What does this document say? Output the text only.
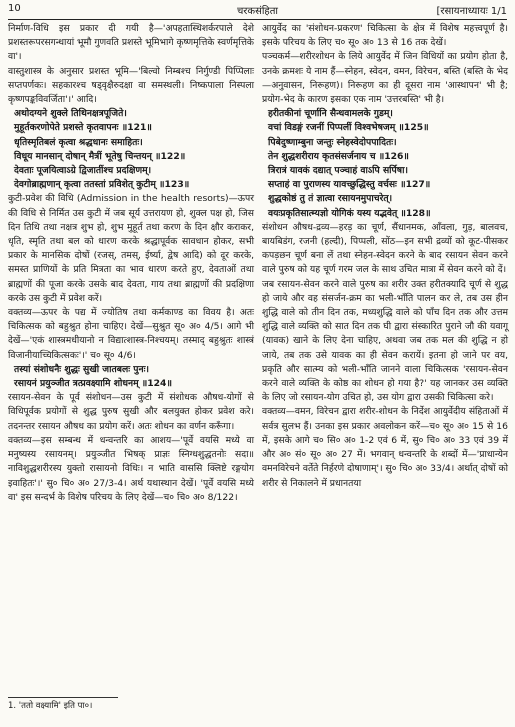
10	चरकसंहिता	[रसायनाध्यायः 1/1

निर्माण-विधि इस प्रकार दी गयी है—'अपहतास्थिशर्करपाले देशे प्रशस्तरूपरसगन्धायां भूमौ गुणवति प्रशस्ते भूमिभागे कृष्णमृत्तिके स्वर्णमृत्तिके वा'।

वास्तुशास्त्र के अनुसार प्रशस्त भूमि—'बिल्वो निम्बश्च निर्गुण्डी पिप्पिलाः सप्तपर्णकः। सहकारश्च षड्वृक्षैरुदक्षा वा समस्थली। निष्कपाला निस्पला कृष्णपङ्कविवर्जिता'।' आदि।

अथोदग्यने शुक्ले तिथिनक्षत्रपूजिते।

मुहूर्तकरणोपेते प्रशस्ते कृतवापनः ॥121॥

धृतिस्मृतिबलं कृत्वा श्रद्धधानः समाहितः।

विधूय मानसान् दोषान् मैत्रीं भूतेषु चिन्तयन् ॥122॥

देवताः पूजयित्वाऽग्रे द्विजातींश्च प्रदक्षिणम्।

देवगोब्राह्मणान् कृत्वा ततस्तां प्रविशेत् कुटीम् ॥123॥

कुटी-प्रवेश की विधि (Admission in the health resorts)—ऊपर की विधि से निर्मित उस कुटी में जब सूर्य उत्तरायण हो, शुक्ल पक्ष हो, जिस दिन तिथि तथा नक्षत्र शुभ हो, शुभ मुहूर्त तथा करण के दिन क्षौर कराकर, धृति, स्मृति तथा बल को धारण करके श्रद्धापूर्वक सावधान होकर, सभी प्रकार के मानसिक दोषों (रजस्, तमस्, ईर्ष्या, द्वेष आदि) को दूर करके, समस्त प्राणियों के प्रति मित्रता का भाव धारण करते हुए, देवताओं तथा ब्राह्मणों की पूजा करके उसके बाद देवता, गाय तथा ब्राह्मणों की प्रदक्षिणा करके उस कुटी में प्रवेश करें।

वक्तव्य—ऊपर के पद्य में ज्योतिष तथा कर्मकाण्ड का विवय है। अतः चिकित्सक को बहुश्रुत होना चाहिए। देखें—सुश्रुत सू० अ० 4/5। आगे भी देखें—'एकं शास्त्रमधीयानो न विद्यात्शास्त्र-निश्चयम्। तस्माद् बहुश्रुतः शास्त्रं विजानीयाच्चिकित्सकः'।' च० सू० 4/6।

तस्यां संशोधनैः शुद्धः सुखी जातबलः पुनः।

रसायनं प्रयुञ्जीत त्रत्प्रवक्ष्यामि शोधनम् ॥124॥

रसायन-सेवन के पूर्व संशोधन—उस कुटी में संशोधक औषध-योगों से विधिपूर्वक प्रयोगों से शुद्ध पुरुष सुखी और बलयुक्त होकर प्रवेश करे। तदनन्तर रसायन औषध का प्रयोग करें। अतः शोधन का वर्णन करूँगा।

वक्तव्य—इस सम्बन्ध में धन्वन्तरि का आशय—'पूर्वे वयसि मध्ये वा मनुष्यस्य रसायनम्। प्रयुञ्जीत भिषक् प्राज्ञः स्निग्धशुद्धतनोः सदा॥ नाविशुद्धशरीरस्य युक्तो रासायनो विधिः। न भाति वाससि क्लिष्टे रङ्गयोग इवाहितः'।' सु० चि० अ० 27/3-4। अर्थ यथास्थान देखें। 'पूर्वे वयसि मध्ये वा' इस सन्दर्भ के विशेष परिचय के लिए देखें—च० चि० अ० 8/122।

आयुर्वेद का 'संशोधन-प्रकरण' चिकित्सा के क्षेत्र में विशेष महत्त्वपूर्ण है। इसके परिचय के लिए च० सू० अ० 13 से 16 तक देखें।

पञ्चकर्म—शरीरशोधन के लिये आयुर्वेद में जिन विधियों का प्रयोग होता है, उनके क्रमशः ये नाम हैं—स्नेहन, स्वेदन, वमन, विरेचन, बस्ति (बस्ति के भेद—अनुवासन, निरूहण)। निरूहण का ही दूसरा नाम 'आस्थापन' भी है; प्रयोग-भेद के कारण इसका एक नाम 'उत्तरबस्ति' भी है।

हरीतकीनां चूर्णानि सैन्धवामलके गुडम्।

वचां विडङ्गं रजनीं पिप्पलीं विश्वभेषजम् ॥125॥

पिबेदुष्णाम्बुना जन्तुः स्नेहस्वेदोपपादितः।

तेन शुद्धशरीराय कृतसंसर्जनाय च ॥126॥

त्रिरात्रं यावकं दद्यात् पञ्चाहं वाऽपि सर्पिषा।

सप्ताहं वा पुराणस्य यावच्छुद्धिस्तु वर्चसः ॥127॥

शुद्धकोष्ठं तु तं ज्ञात्वा रसायनमुपाचरेत्।

वयःप्रकृतिसात्म्यज्ञो योगिकं यस्य यद्भवेत् ॥128॥

संशोधन औषध-द्रव्य—हरड़ का चूर्ण, सैंधानमक, आँवला, गुड़, बालवच, बायबिडंग, रजनी (हल्दी), पिप्पली, सोंठ—इन सभी द्रव्यों को कूट-पीसकर कपड़छन चूर्ण बना लें तथा स्नेहन-स्वेदन करने के बाद रसायन सेवन करने वाले पुरुष को यह चूर्ण गरम जल के साथ उचित मात्रा में सेवन करने को दें।

जब रसायन-सेवन करने वाले पुरुष का शरीर उक्त हरीतक्यादि चूर्ण से शुद्ध हो जाये और वह संसर्जन-क्रम का भली-भाँति पालन कर ले, तब उस हीन शुद्धि वाले को तीन दिन तक, मध्यशुद्धि वाले को पाँच दिन तक और उत्तम शुद्धि वाले व्यक्ति को सात दिन तक घी द्वारा संस्कारित पुराने जौ की यवागू (यावक) खाने के लिए देना चाहिए, अथवा जब तक मल की शुद्धि न हो जाये, तब तक उसे यावक का ही सेवन करायें। इतना हो जाने पर वय, प्रकृति और सात्म्य को भली-भाँति जानने वाला चिकित्सक 'रसायन-सेवन करने वाले व्यक्ति के कोष्ठ का शोधन हो गया है?' यह जानकर उस व्यक्ति के लिए जो रसायन-योग उचित हो, उस योग द्वारा उसकी चिकित्सा करे।

वक्तव्य—वमन, विरेचन द्वारा शरीर-शोधन के निर्देश आयुर्वेदीय संहिताओं में सर्वत्र सुलभ हैं। उनका इस प्रकार अवलोकन करें—च० सू० अ० 15 से 16 में, इसके आगे च० सि० अ० 1-2 एवं 6 में, सु० चि० अ० 33 एवं 39 में और अ० सं० सू० अ० 27 में। भगवान् धन्वन्तरि के शब्दों में—'प्राधान्येन वमनविरेचने वर्तेते निर्हरणे दोषाणाम्'। सु० चि० अ० 33/4। अर्थात् दोषों को शरीर से निकालने में प्रधानतया

1. 'ततो वक्ष्यामि' इति पा०।
